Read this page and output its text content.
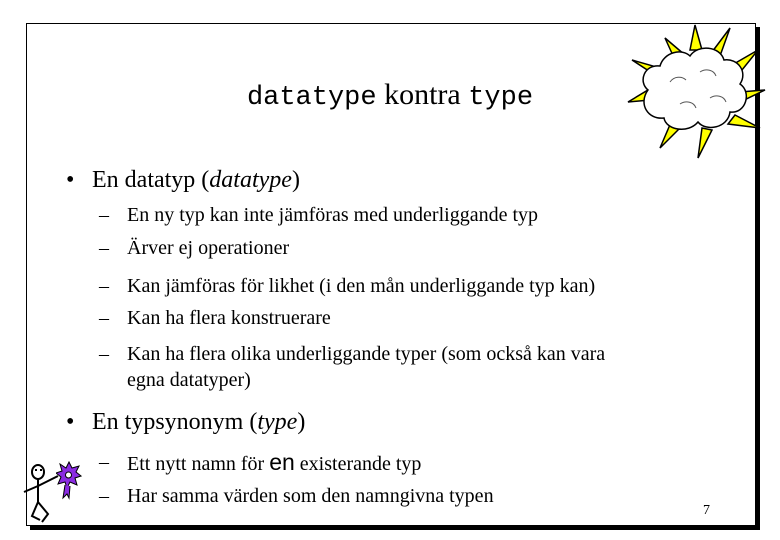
datatype kontra type
• En datatyp (datatype)
– En ny typ kan inte jämföras med underliggande typ
– Ärver ej operationer
– Kan jämföras för likhet (i den mån underliggande typ kan)
– Kan ha flera konstruerare
– Kan ha flera olika underliggande typer (som också kan vara
egna datatyper)
• En typsynonym (type)
– Ett nytt namn för en existerande typ
– Har samma värden som den namngivna typen
7
